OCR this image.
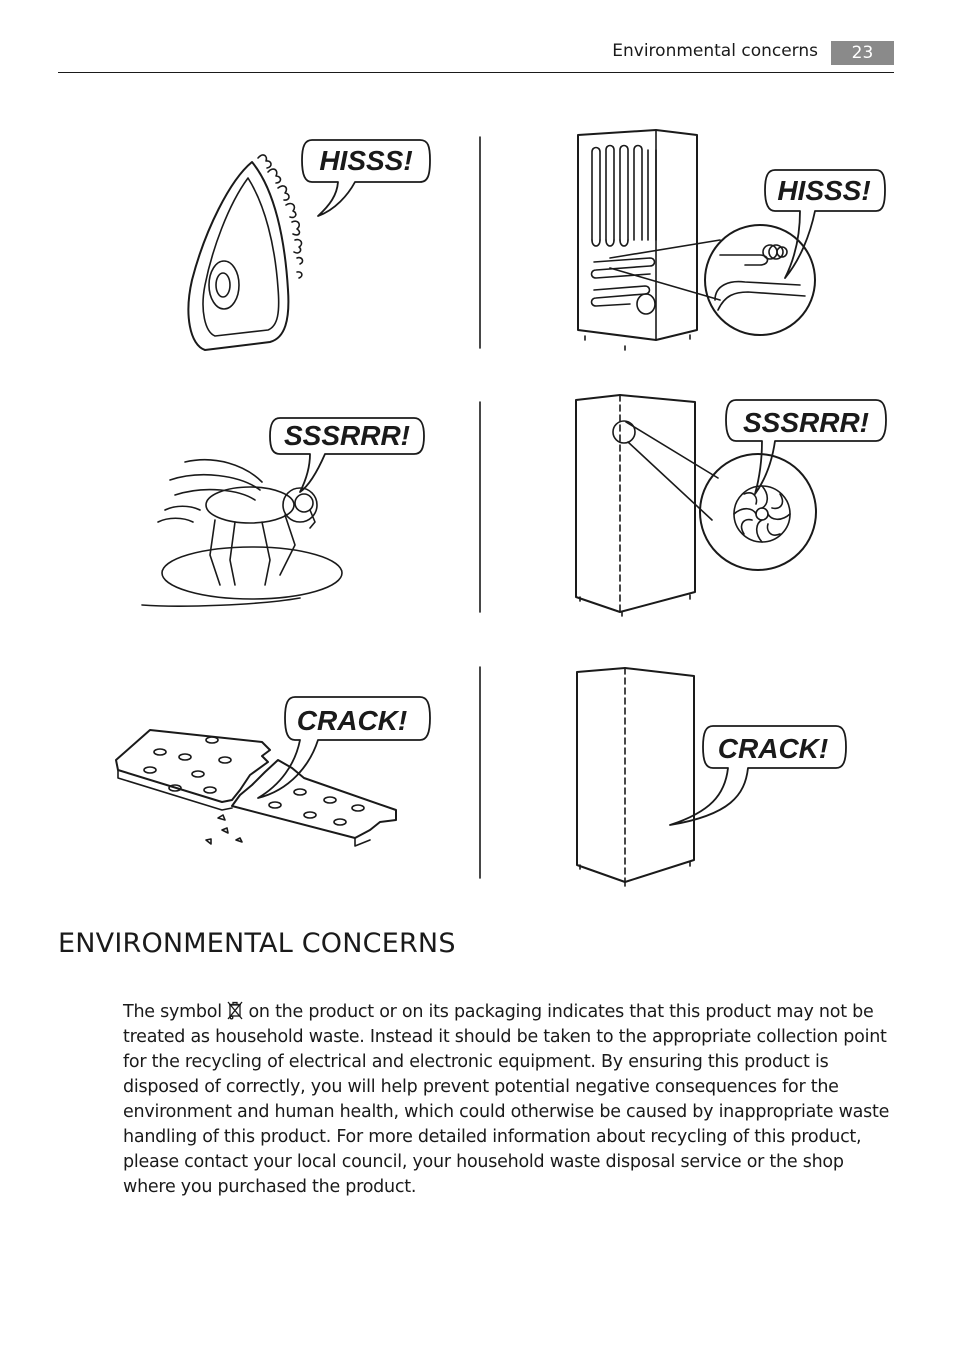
Environmental concerns	23
HISSS!
HISSS!
SSSRRR!	SSSRRR!
CRACK!
CRACK!
ENVIRONMENTAL CONCERNS

The symbol  on the product or on its packaging indicates that this product may not be treated as household waste. Instead it should be taken to the appropriate collection point for the recycling of electrical and electronic equipment. By ensuring this product is disposed of correctly, you will help prevent potential negative consequences for the environment and human health, which could otherwise be caused by inappropriate waste handling of this product. For more detailed information about recycling of this product, please contact your local council, your household waste disposal service or the shop where you purchased the product.
